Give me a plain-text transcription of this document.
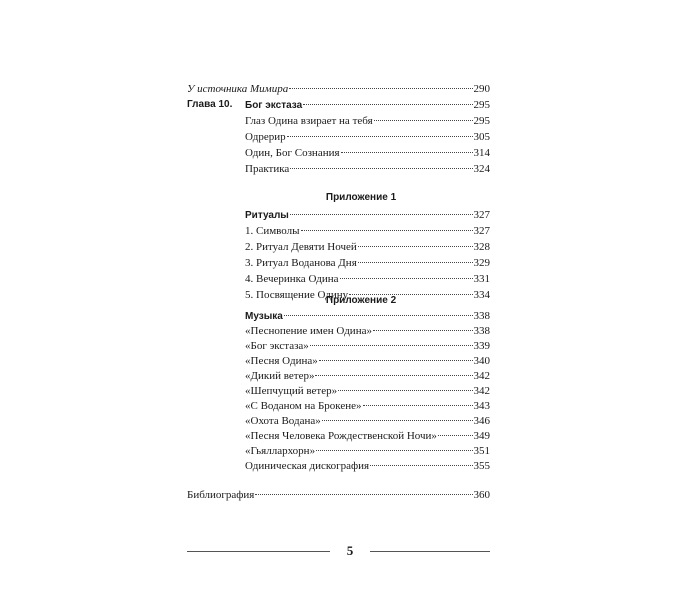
У источника Мимира	290
Глава 10. Бог экстаза	295
Глаз Одина взирает на тебя	295
Одрерир	305
Один, Бог Сознания	314
Практика	324
Приложение 1
Ритуалы	327
1. Символы	327
2. Ритуал Девяти Ночей	328
3. Ритуал Воданова Дня	329
4. Вечеринка Одина	331
5. Посвящение Одину	334
Приложение 2
Музыка	338
«Песнопение имен Одина»	338
«Бог экстаза»	339
«Песня Одина»	340
«Дикий ветер»	342
«Шепчущий ветер»	342
«С Воданом на Брокене»	343
«Охота Водана»	346
«Песня Человека Рождественской Ночи»	349
«Гьяллархорн»	351
Одиническая дискография	355
Библиография	360
5
